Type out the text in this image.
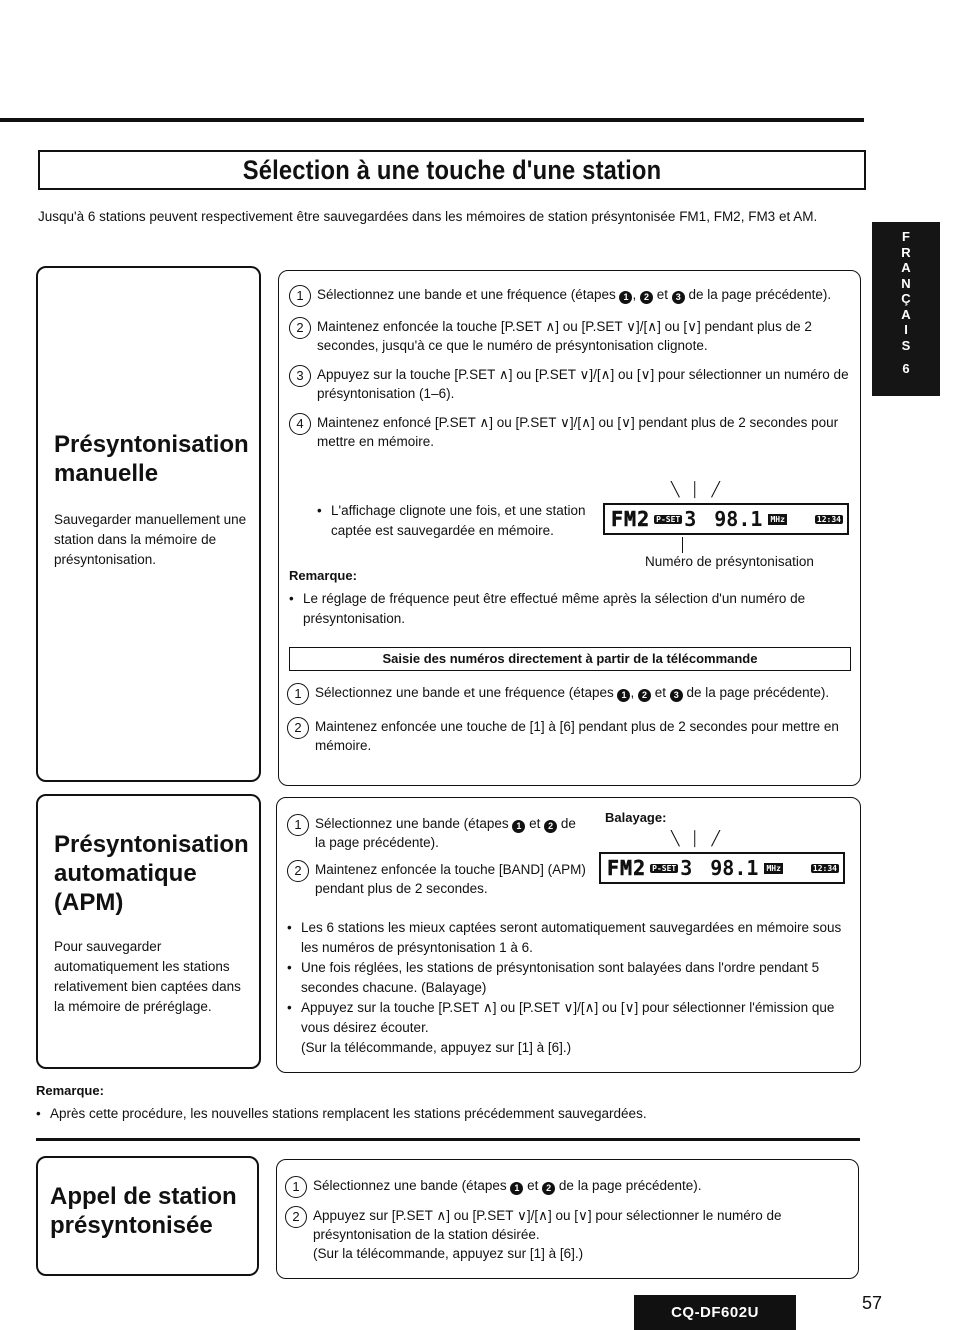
Sélection à une touche d'une station

Jusqu'à 6 stations peuvent respectivement être sauvegardées dans les mémoires de station présyntonisée FM1, FM2, FM3 et AM.

F
R
A
N
Ç
A
I
S
6
Présyntonisation
manuelle

Sauvegarder manuellement une station dans la mémoire de présyntonisation.

1 Sélectionnez une bande et une fréquence (étapes 1 , 2 et 3 de la page précédente).
2 Maintenez enfoncée la touche [P.SET ∧] ou [P.SET ∨]/[∧] ou [∨] pendant plus de 2 secondes, jusqu'à ce que le numéro de présyntonisation clignote.
3 Appuyez sur la touche [P.SET ∧] ou [P.SET ∨]/[∧] ou [∨] pour sélectionner un numéro de présyntonisation (1–6).
4 Maintenez enfoncé [P.SET ∧] ou [P.SET ∨]/[∧] ou [∨] pendant plus de 2 secondes pour mettre en mémoire.
• L'affichage clignote une fois, et une station captée est sauvegardée en mémoire.
╲   │   ╱
FM2 P-SET 3 98.1 MHz	12:34
Numéro de présyntonisation
Remarque:
• Le réglage de fréquence peut être effectué même après la sélection d'un numéro de présyntonisation.
Saisie des numéros directement à partir de la télécommande
1 Sélectionnez une bande et une fréquence (étapes 1 , 2 et 3 de la page précédente).
2 Maintenez enfoncée une touche de [1] à [6] pendant plus de 2 secondes pour mettre en mémoire.
Présyntonisation
automatique
(APM)

Pour sauvegarder automatiquement les stations relativement bien captées dans la mémoire de préréglage.

1 Sélectionnez une bande (étapes 1 et 2 de la page précédente).
2 Maintenez enfoncée la touche [BAND] (APM) pendant plus de 2 secondes.
Balayage:
╲   │   ╱
FM2 P-SET 3 98.1 MHz	12:34
• Les 6 stations les mieux captées seront automatiquement sauvegardées en mémoire sous les numéros de présyntonisation 1 à 6.
• Une fois réglées, les stations de présyntonisation sont balayées dans l'ordre pendant 5 secondes chacune. (Balayage)
• Appuyez sur la touche [P.SET ∧] ou [P.SET ∨]/[∧] ou [∨] pour sélectionner l'émission que vous désirez écouter.
(Sur la télécommande, appuyez sur [1] à [6].)
Remarque:
• Après cette procédure, les nouvelles stations remplacent les stations précédemment sauvegardées.
Appel de station
présyntonisée
1 Sélectionnez une bande (étapes 1 et 2 de la page précédente).
2 Appuyez sur [P.SET ∧] ou [P.SET ∨]/[∧] ou [∨] pour sélectionner le numéro de présyntonisation de la station désirée.
(Sur la télécommande, appuyez sur [1] à [6].)
CQ-DF602U	57
